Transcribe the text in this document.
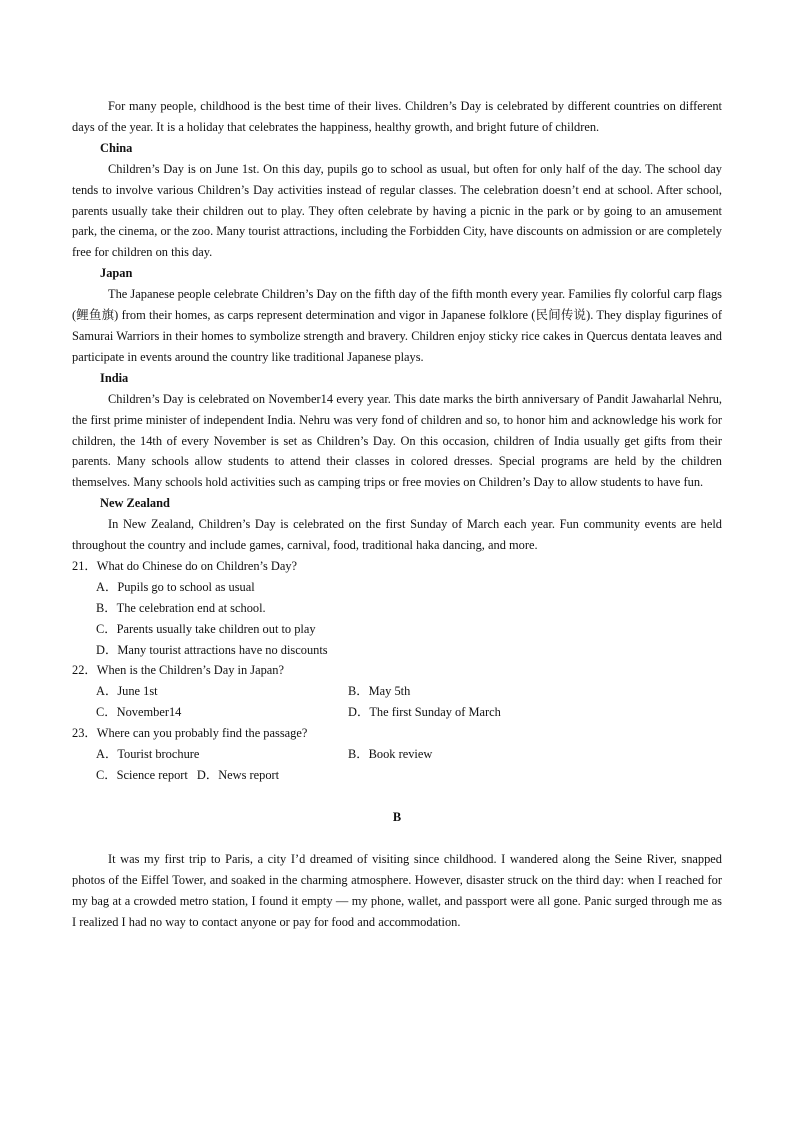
For many people, childhood is the best time of their lives. Children’s Day is celebrated by different countries on different days of the year. It is a holiday that celebrates the happiness, healthy growth, and bright future of children.

China

Children’s Day is on June 1st. On this day, pupils go to school as usual, but often for only half of the day. The school day tends to involve various Children’s Day activities instead of regular classes. The celebration doesn’t end at school. After school, parents usually take their children out to play. They often celebrate by having a picnic in the park or by going to an amusement park, the cinema, or the zoo. Many tourist attractions, including the Forbidden City, have discounts on admission or are completely free for children on this day.

Japan

The Japanese people celebrate Children’s Day on the fifth day of the fifth month every year. Families fly colorful carp flags (鲤鱼旗) from their homes, as carps represent determination and vigor in Japanese folklore (民间传说). They display figurines of Samurai Warriors in their homes to symbolize strength and bravery. Children enjoy sticky rice cakes in Quercus dentata leaves and participate in events around the country like traditional Japanese plays.

India

Children’s Day is celebrated on November14 every year. This date marks the birth anniversary of Pandit Jawaharlal Nehru, the first prime minister of independent India. Nehru was very fond of children and so, to honor him and acknowledge his work for children, the 14th of every November is set as Children’s Day. On this occasion, children of India usually get gifts from their parents. Many schools allow students to attend their classes in colored dresses. Special programs are held by the children themselves. Many schools hold activities such as camping trips or free movies on Children’s Day to allow students to have fun.

New Zealand

In New Zealand, Children’s Day is celebrated on the first Sunday of March each year. Fun community events are held throughout the country and include games, carnival, food, traditional haka dancing, and more.

21．What do Chinese do on Children’s Day?

A．Pupils go to school as usual
B．The celebration end at school.
C．Parents usually take children out to play
D．Many tourist attractions have no discounts

22．When is the Children’s Day in Japan?

A．June 1st	B．May 5th
C．November14	D．The first Sunday of March

23．Where can you probably find the passage?

A．Tourist brochure	B．Book review
C．Science report D．News report

B

It was my first trip to Paris, a city I’d dreamed of visiting since childhood. I wandered along the Seine River, snapped photos of the Eiffel Tower, and soaked in the charming atmosphere. However, disaster struck on the third day: when I reached for my bag at a crowded metro station, I found it empty — my phone, wallet, and passport were all gone. Panic surged through me as I realized I had no way to contact anyone or pay for food and accommodation.
